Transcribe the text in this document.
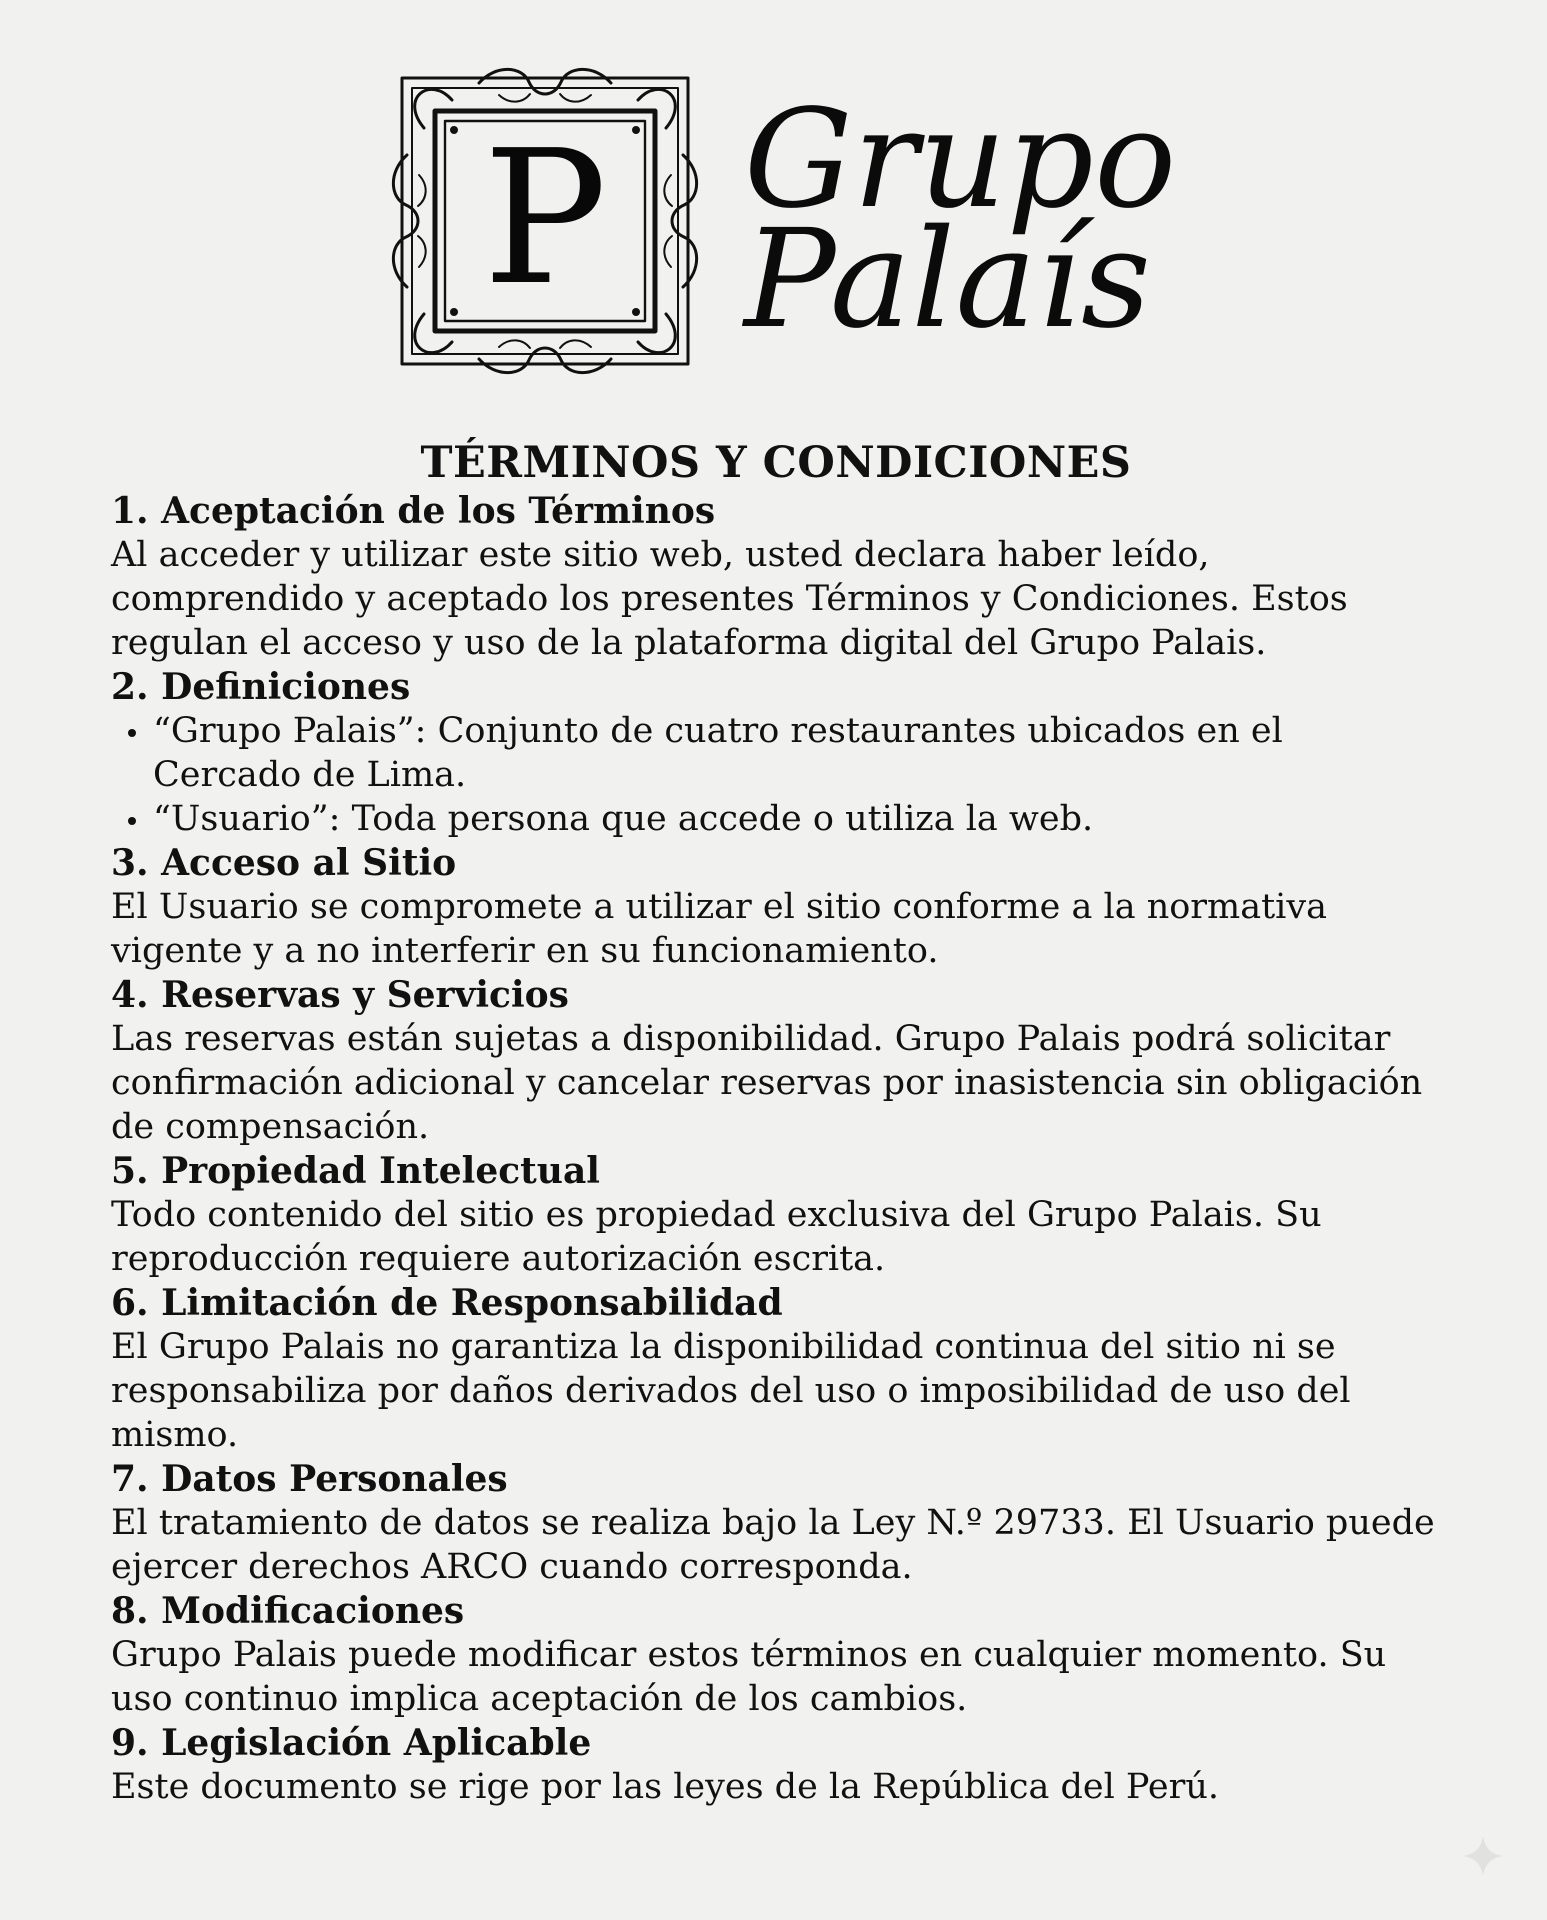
P Grupo
Palaís
TÉRMINOS Y CONDICIONES
1. Aceptación de los Términos

Al acceder y utilizar este sitio web, usted declara haber leído, comprendido y aceptado los presentes Términos y Condiciones. Estos regulan el acceso y uso de la plataforma digital del Grupo Palais.

2. Definiciones
“Grupo Palais”: Conjunto de cuatro restaurantes ubicados en el Cercado de Lima.
“Usuario”: Toda persona que accede o utiliza la web.
3. Acceso al Sitio

El Usuario se compromete a utilizar el sitio conforme a la normativa vigente y a no interferir en su funcionamiento.

4. Reservas y Servicios

Las reservas están sujetas a disponibilidad. Grupo Palais podrá solicitar confirmación adicional y cancelar reservas por inasistencia sin obligación de compensación.

5. Propiedad Intelectual

Todo contenido del sitio es propiedad exclusiva del Grupo Palais. Su reproducción requiere autorización escrita.

6. Limitación de Responsabilidad

El Grupo Palais no garantiza la disponibilidad continua del sitio ni se responsabiliza por daños derivados del uso o imposibilidad de uso del mismo.

7. Datos Personales

El tratamiento de datos se realiza bajo la Ley N.º 29733. El Usuario puede ejercer derechos ARCO cuando corresponda.

8. Modificaciones

Grupo Palais puede modificar estos términos en cualquier momento. Su uso continuo implica aceptación de los cambios.

9. Legislación Aplicable

Este documento se rige por las leyes de la República del Perú.
